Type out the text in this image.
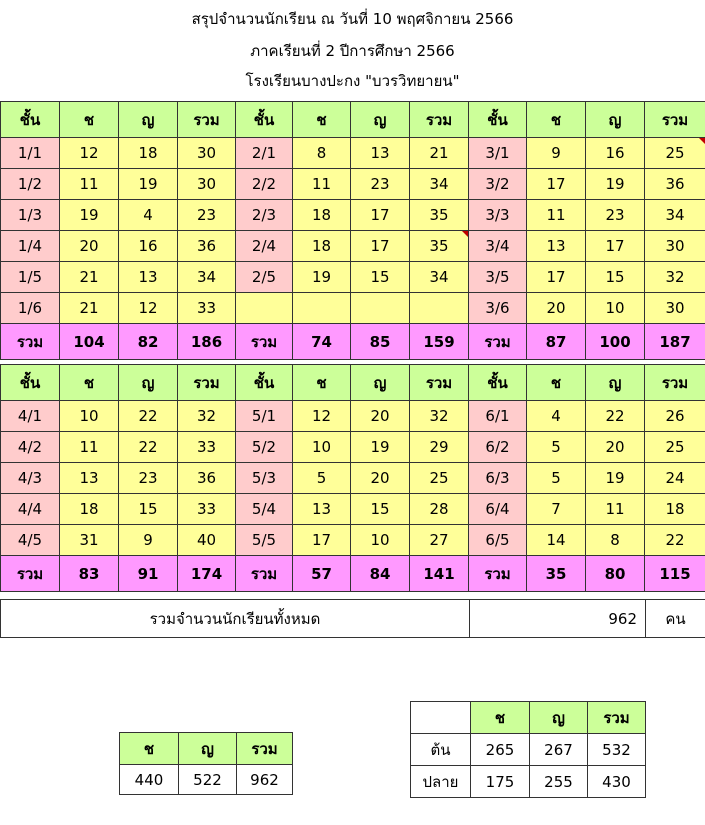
สรุปจำนวนนักเรียน ณ วันที่ 10 พฤศจิกายน 2566
ภาคเรียนที่ 2 ปีการศึกษา 2566
โรงเรียนบางปะกง "บวรวิทยายน"
ชั้น	ช	ญ	รวม	ชั้น	ช	ญ	รวม	ชั้น	ช	ญ	รวม
1/1	12	18	30	2/1	8	13	21	3/1	9	16	25
1/2	11	19	30	2/2	11	23	34	3/2	17	19	36
1/3	19	4	23	2/3	18	17	35	3/3	11	23	34
1/4	20	16	36	2/4	18	17	35	3/4	13	17	30
1/5	21	13	34	2/5	19	15	34	3/5	17	15	32
1/6	21	12	33					3/6	20	10	30
รวม	104	82	186	รวม	74	85	159	รวม	87	100	187
ชั้น	ช	ญ	รวม	ชั้น	ช	ญ	รวม	ชั้น	ช	ญ	รวม
4/1	10	22	32	5/1	12	20	32	6/1	4	22	26
4/2	11	22	33	5/2	10	19	29	6/2	5	20	25
4/3	13	23	36	5/3	5	20	25	6/3	5	19	24
4/4	18	15	33	5/4	13	15	28	6/4	7	11	18
4/5	31	9	40	5/5	17	10	27	6/5	14	8	22
รวม	83	91	174	รวม	57	84	141	รวม	35	80	115
รวมจำนวนนักเรียนทั้งหมด	962	คน
ช	ญ	รวม
440	522	962
	ช	ญ	รวม
ต้น	265	267	532
ปลาย	175	255	430
